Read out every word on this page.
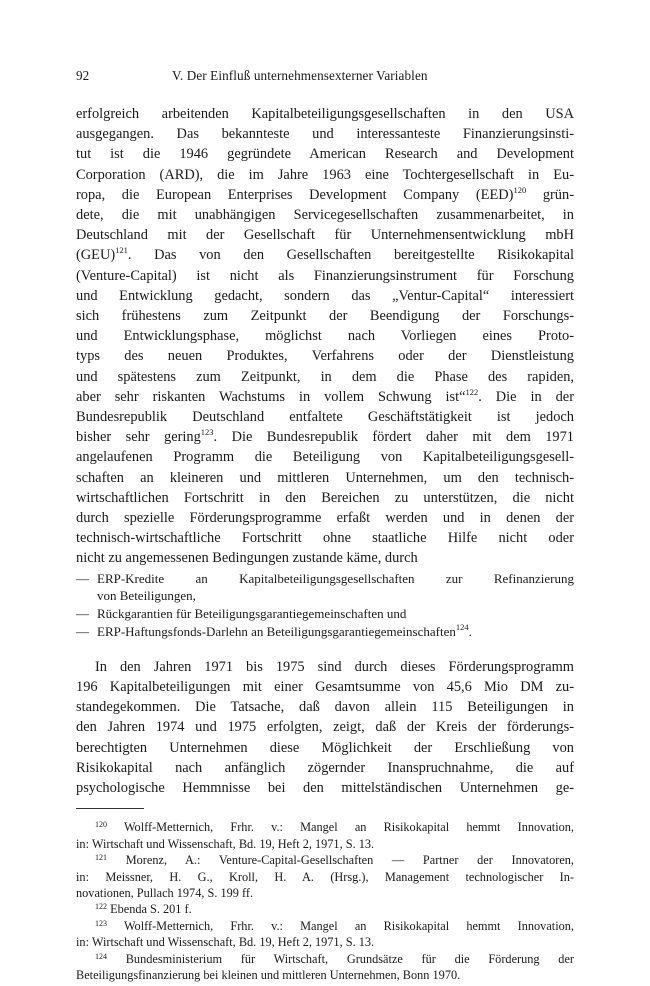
92	V. Der Einfluß unternehmensexterner Variablen
erfolgreich arbeitenden Kapitalbeteiligungsgesellschaften in den USA
ausgegangen. Das bekannteste und interessanteste Finanzierungsinsti-
tut ist die 1946 gegründete American Research and Development
Corporation (ARD), die im Jahre 1963 eine Tochtergesellschaft in Eu-
ropa, die European Enterprises Development Company (EED)$^{120}$ grün-
dete, die mit unabhängigen Servicegesellschaften zusammenarbeitet, in
Deutschland mit der Gesellschaft für Unternehmensentwicklung mbH
(GEU)$^{121}$. Das von den Gesellschaften bereitgestellte Risikokapital
(Venture-Capital) ist nicht als Finanzierungsinstrument für Forschung
und Entwicklung gedacht, sondern das „Ventur-Capital“ interessiert
sich frühestens zum Zeitpunkt der Beendigung der Forschungs-
und Entwicklungsphase, möglichst nach Vorliegen eines Proto-
typs des neuen Produktes, Verfahrens oder der Dienstleistung
und spätestens zum Zeitpunkt, in dem die Phase des rapiden,
aber sehr riskanten Wachstums in vollem Schwung ist“$^{122}$. Die in der
Bundesrepublik Deutschland entfaltete Geschäftstätigkeit ist jedoch
bisher sehr gering$^{123}$. Die Bundesrepublik fördert daher mit dem 1971
angelaufenen Programm die Beteiligung von Kapitalbeteiligungsgesell-
schaften an kleineren und mittleren Unternehmen, um den technisch-
wirtschaftlichen Fortschritt in den Bereichen zu unterstützen, die nicht
durch spezielle Förderungsprogramme erfaßt werden und in denen der
technisch-wirtschaftliche Fortschritt ohne staatliche Hilfe nicht oder
nicht zu angemessenen Bedingungen zustande käme, durch
— ERP-Kredite an Kapitalbeteiligungsgesellschaften zur Refinanzierung
von Beteiligungen,
— Rückgarantien für Beteiligungsgarantiegemeinschaften und
— ERP-Haftungsfonds-Darlehn an Beteiligungsgarantiegemeinschaften$^{124}$.
In den Jahren 1971 bis 1975 sind durch dieses Förderungsprogramm
196 Kapitalbeteiligungen mit einer Gesamtsumme von 45,6 Mio DM zu-
standegekommen. Die Tatsache, daß davon allein 115 Beteiligungen in
den Jahren 1974 und 1975 erfolgten, zeigt, daß der Kreis der förderungs-
berechtigten Unternehmen diese Möglichkeit der Erschließung von
Risikokapital nach anfänglich zögernder Inanspruchnahme, die auf
psychologische Hemmnisse bei den mittelständischen Unternehmen ge-
$^{120}$ Wolff-Metternich, Frhr. v.: Mangel an Risikokapital hemmt Innovation,
in: Wirtschaft und Wissenschaft, Bd. 19, Heft 2, 1971, S. 13.
$^{121}$ Morenz, A.: Venture-Capital-Gesellschaften — Partner der Innovatoren,
in: Meissner, H. G., Kroll, H. A. (Hrsg.), Management technologischer In-
novationen, Pullach 1974, S. 199 ff.
$^{122}$ Ebenda S. 201 f.
$^{123}$ Wolff-Metternich, Frhr. v.: Mangel an Risikokapital hemmt Innovation,
in: Wirtschaft und Wissenschaft, Bd. 19, Heft 2, 1971, S. 13.
$^{124}$ Bundesministerium für Wirtschaft, Grundsätze für die Förderung der
Beteiligungsfinanzierung bei kleinen und mittleren Unternehmen, Bonn 1970.
